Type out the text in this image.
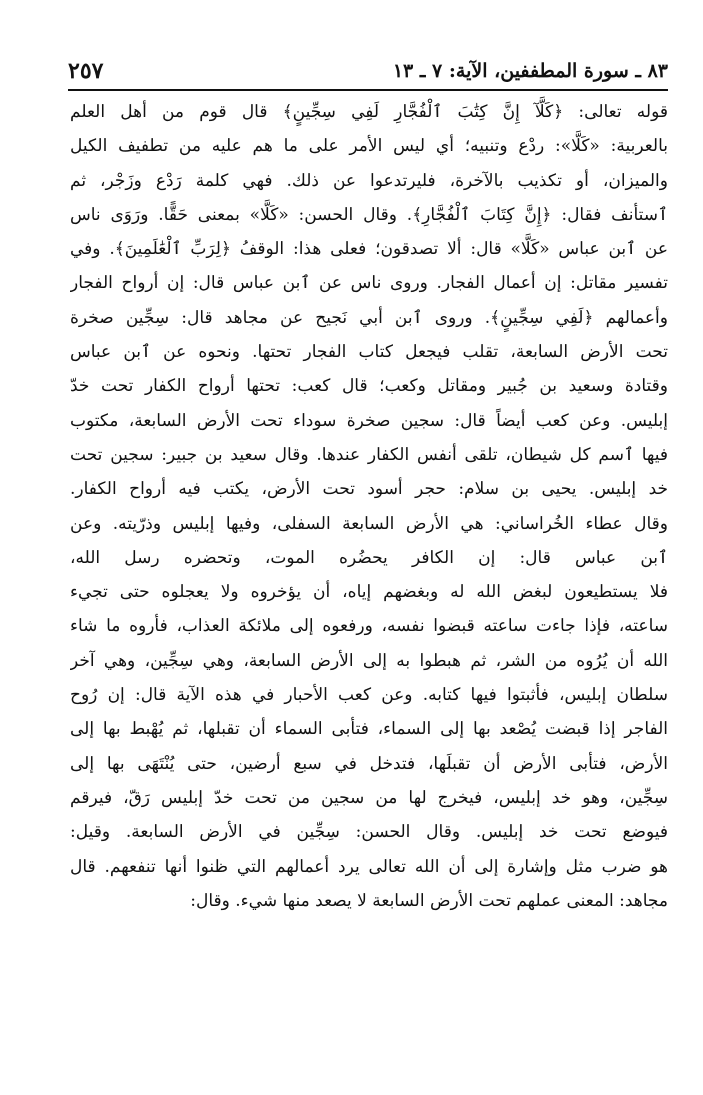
٨٣ ـ سورة المطففين، الآية: ٧ ـ ١٣
٢٥٧
قوله تعالى: ﴿كَلَّآ إِنَّ كِتَٰبَ ٱلْفُجَّارِ لَفِي سِجِّينٍ﴾ قال قوم من أهل العلم
بالعربية: «كَلَّا»: ردْع وتنبيه؛ أي ليس الأمر على ما هم عليه من تطفيف الكيل
والميزان، أو تكذيب بالآخرة، فليرتدعوا عن ذلك. فهي كلمة رَدْع وزَجْر، ثم
ٱستأنف فقال: ﴿إِنَّ كِتَابَ ٱلْفُجَّارِ﴾. وقال الحسن: «كَلَّا» بمعنى حَقًّا. ورَوَى ناس
عن ٱبن عباس «كَلَّا» قال: ألا تصدقون؛ فعلى هذا: الوقفُ ﴿لِرَبِّ ٱلْعَٰلَمِينَ﴾. وفي
تفسير مقاتل: إن أعمال الفجار. وروى ناس عن ٱبن عباس قال: إن أرواح الفجار
وأعمالهم ﴿لَفِي سِجِّينٍ﴾. وروى ٱبن أبي نَجيح عن مجاهد قال: سِجِّين صخرة
تحت الأرض السابعة، تقلب فيجعل كتاب الفجار تحتها. ونحوه عن ٱبن عباس
وقتادة وسعيد بن جُبير ومقاتل وكعب؛ قال كعب: تحتها أرواح الكفار تحت خدّ
إبليس. وعن كعب أيضاً قال: سجين صخرة سوداء تحت الأرض السابعة، مكتوب
فيها ٱسم كل شيطان، تلقى أنفس الكفار عندها. وقال سعيد بن جبير: سجين تحت
خد إبليس. يحيى بن سلام: حجر أسود تحت الأرض، يكتب فيه أرواح الكفار.
وقال عطاء الخُراساني: هي الأرض السابعة السفلى، وفيها إبليس وذرّيته. وعن
ٱبن عباس قال: إن الكافر يحضُره الموت، وتحضره رسل الله،
فلا يستطيعون لبغض الله له وبغضهم إياه، أن يؤخروه ولا يعجلوه حتى تجيء
ساعته، فإذا جاءت ساعته قبضوا نفسه، ورفعوه إلى ملائكة العذاب، فأروه ما شاء
الله أن يُرُوه من الشر، ثم هبطوا به إلى الأرض السابعة، وهي سِجِّين، وهي آخر
سلطان إبليس، فأثبتوا فيها كتابه. وعن كعب الأحبار في هذه الآية قال: إن رُوح
الفاجر إذا قبضت يُصْعد بها إلى السماء، فتأبى السماء أن تقبلها، ثم يُهْبط بها إلى
الأرض، فتأبى الأرض أن تقبلَها، فتدخل في سبع أرضين، حتى يُنْتَهَى بها إلى
سِجِّين، وهو خد إبليس، فيخرج لها من سجين من تحت خدّ إبليس رَقّ، فيرقم
فيوضع تحت خد إبليس. وقال الحسن: سِجِّين في الأرض السابعة. وقيل:
هو ضرب مثل وإشارة إلى أن الله تعالى يرد أعمالهم التي ظنوا أنها تنفعهم. قال
مجاهد: المعنى عملهم تحت الأرض السابعة لا يصعد منها شيء. وقال:
